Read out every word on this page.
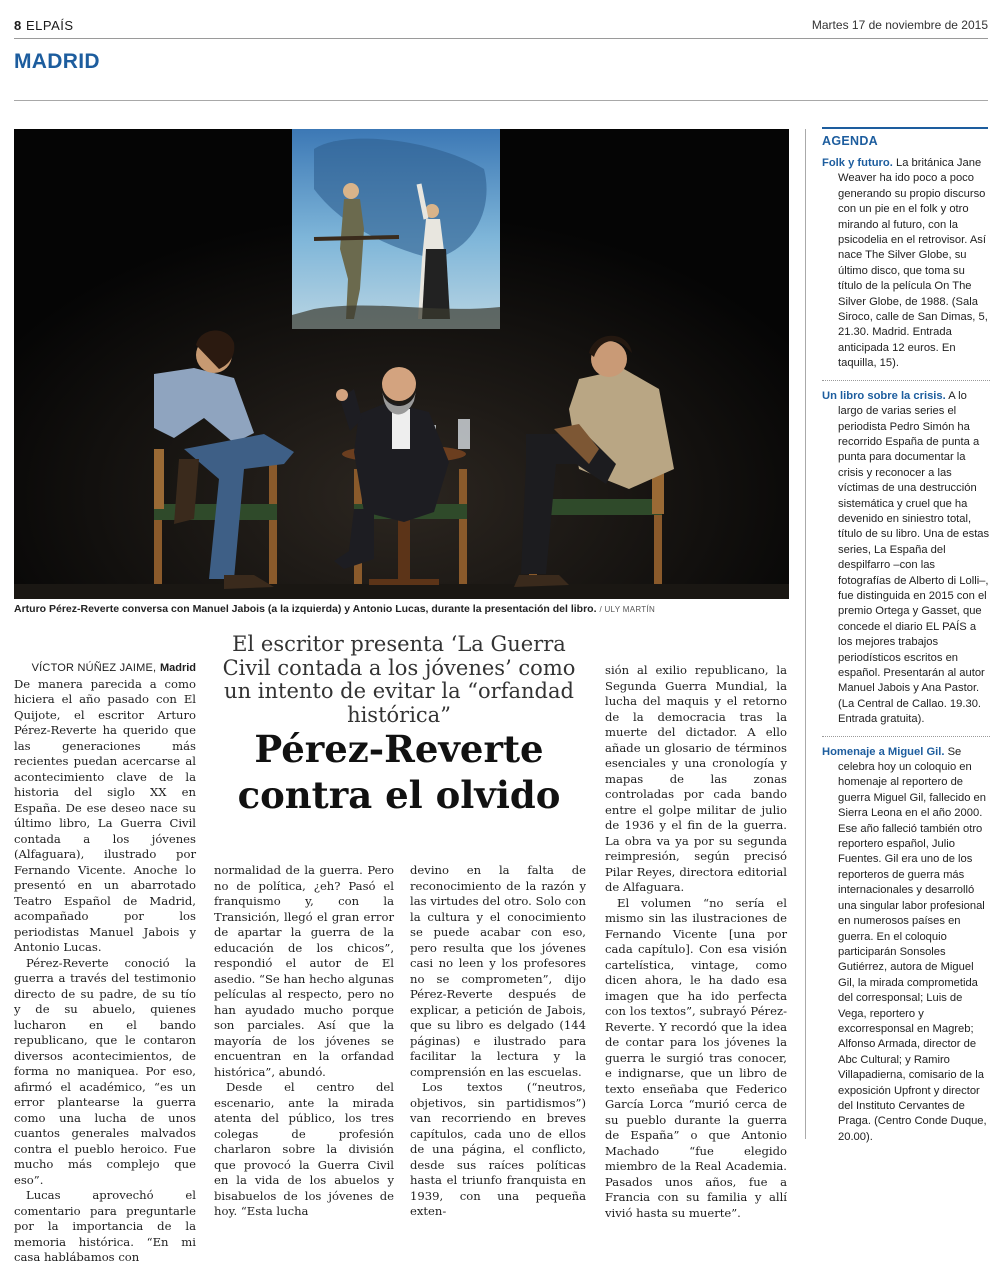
8 ELPAÍS	Martes 17 de noviembre de 2015
MADRID
Arturo Pérez-Reverte conversa con Manuel Jabois (a la izquierda) y Antonio Lucas, durante la presentación del libro. / ULY MARTÍN
AGENDA
Folk y futuro. La británica Jane Weaver ha ido poco a poco generando su propio discurso con un pie en el folk y otro mirando al futuro, con la psicodelia en el retrovisor. Así nace The Silver Globe, su último disco, que toma su título de la película On The Silver Globe, de 1988. (Sala Siroco, calle de San Dimas, 5, 21.30. Madrid. Entrada anticipada 12 euros. En taquilla, 15).
Un libro sobre la crisis. A lo largo de varias series el periodista Pedro Simón ha recorrido España de punta a punta para documentar la crisis y reconocer a las víctimas de una destrucción sistemática y cruel que ha devenido en siniestro total, título de su libro. Una de estas series, La España del despilfarro –con las fotografías de Alberto di Lolli–, fue distinguida en 2015 con el premio Ortega y Gasset, que concede el diario EL PAÍS a los mejores trabajos periodísticos escritos en español. Presentarán al autor Manuel Jabois y Ana Pastor. (La Central de Callao. 19.30. Entrada gratuita).
Homenaje a Miguel Gil. Se celebra hoy un coloquio en homenaje al reportero de guerra Miguel Gil, fallecido en Sierra Leona en el año 2000. Ese año falleció también otro reportero español, Julio Fuentes. Gil era uno de los reporteros de guerra más internacionales y desarrolló una singular labor profesional en numerosos países en guerra. En el coloquio participarán Sonsoles Gutiérrez, autora de Miguel Gil, la mirada comprometida del corresponsal; Luis de Vega, reportero y excorresponsal en Magreb; Alfonso Armada, director de Abc Cultural; y Ramiro Villapadierna, comisario de la exposición Upfront y director del Instituto Cervantes de Praga. (Centro Conde Duque, 20.00).
El escritor presenta ‘La Guerra Civil contada a los jóvenes’ como un intento de evitar la “orfandad histórica”
Pérez-Reverte contra el olvido

VÍCTOR NÚÑEZ JAIME, Madrid

De manera parecida a como hiciera el año pasado con El Quijote, el escritor Arturo Pérez-Reverte ha querido que las generaciones más recientes puedan acercarse al acontecimiento clave de la historia del siglo XX en España. De ese deseo nace su último libro, La Guerra Civil contada a los jóvenes (Alfaguara), ilustrado por Fernando Vicente. Anoche lo presentó en un abarrotado Teatro Español de Madrid, acompañado por los periodistas Manuel Jabois y Antonio Lucas.

Pérez-Reverte conoció la guerra a través del testimonio directo de su padre, de su tío y de su abuelo, quienes lucharon en el bando republicano, que le contaron diversos acontecimientos, de forma no maniquea. Por eso, afirmó el académico, “es un error plantearse la guerra como una lucha de unos cuantos generales malvados contra el pueblo heroico. Fue mucho más complejo que eso”.

Lucas aprovechó el comentario para preguntarle por la importancia de la memoria histórica. “En mi casa hablábamos con

normalidad de la guerra. Pero no de política, ¿eh? Pasó el franquismo y, con la Transición, llegó el gran error de apartar la guerra de la educación de los chicos”, respondió el autor de El asedio. “Se han hecho algunas películas al respecto, pero no han ayudado mucho porque son parciales. Así que la mayoría de los jóvenes se encuentran en la orfandad histórica”, abundó.

Desde el centro del escenario, ante la mirada atenta del público, los tres colegas de profesión charlaron sobre la división que provocó la Guerra Civil en la vida de los abuelos y bisabuelos de los jóvenes de hoy. “Esta lucha

devino en la falta de reconocimiento de la razón y las virtudes del otro. Solo con la cultura y el conocimiento se puede acabar con eso, pero resulta que los jóvenes casi no leen y los profesores no se comprometen”, dijo Pérez-Reverte después de explicar, a petición de Jabois, que su libro es delgado (144 páginas) e ilustrado para facilitar la lectura y la comprensión en las escuelas.

Los textos (“neutros, objetivos, sin partidismos”) van recorriendo en breves capítulos, cada uno de ellos de una página, el conflicto, desde sus raíces políticas hasta el triunfo franquista en 1939, con una pequeña exten-

sión al exilio republicano, la Segunda Guerra Mundial, la lucha del maquis y el retorno de la democracia tras la muerte del dictador. A ello añade un glosario de términos esenciales y una cronología y mapas de las zonas controladas por cada bando entre el golpe militar de julio de 1936 y el fin de la guerra. La obra va ya por su segunda reimpresión, según precisó Pilar Reyes, directora editorial de Alfaguara.

El volumen “no sería el mismo sin las ilustraciones de Fernando Vicente [una por cada capítulo]. Con esa visión cartelística, vintage, como dicen ahora, le ha dado esa imagen que ha ido perfecta con los textos”, subrayó Pérez-Reverte. Y recordó que la idea de contar para los jóvenes la guerra le surgió tras conocer, e indignarse, que un libro de texto enseñaba que Federico García Lorca “murió cerca de su pueblo durante la guerra de España” o que Antonio Machado “fue elegido miembro de la Real Academia. Pasados unos años, fue a Francia con su familia y allí vivió hasta su muerte”.
